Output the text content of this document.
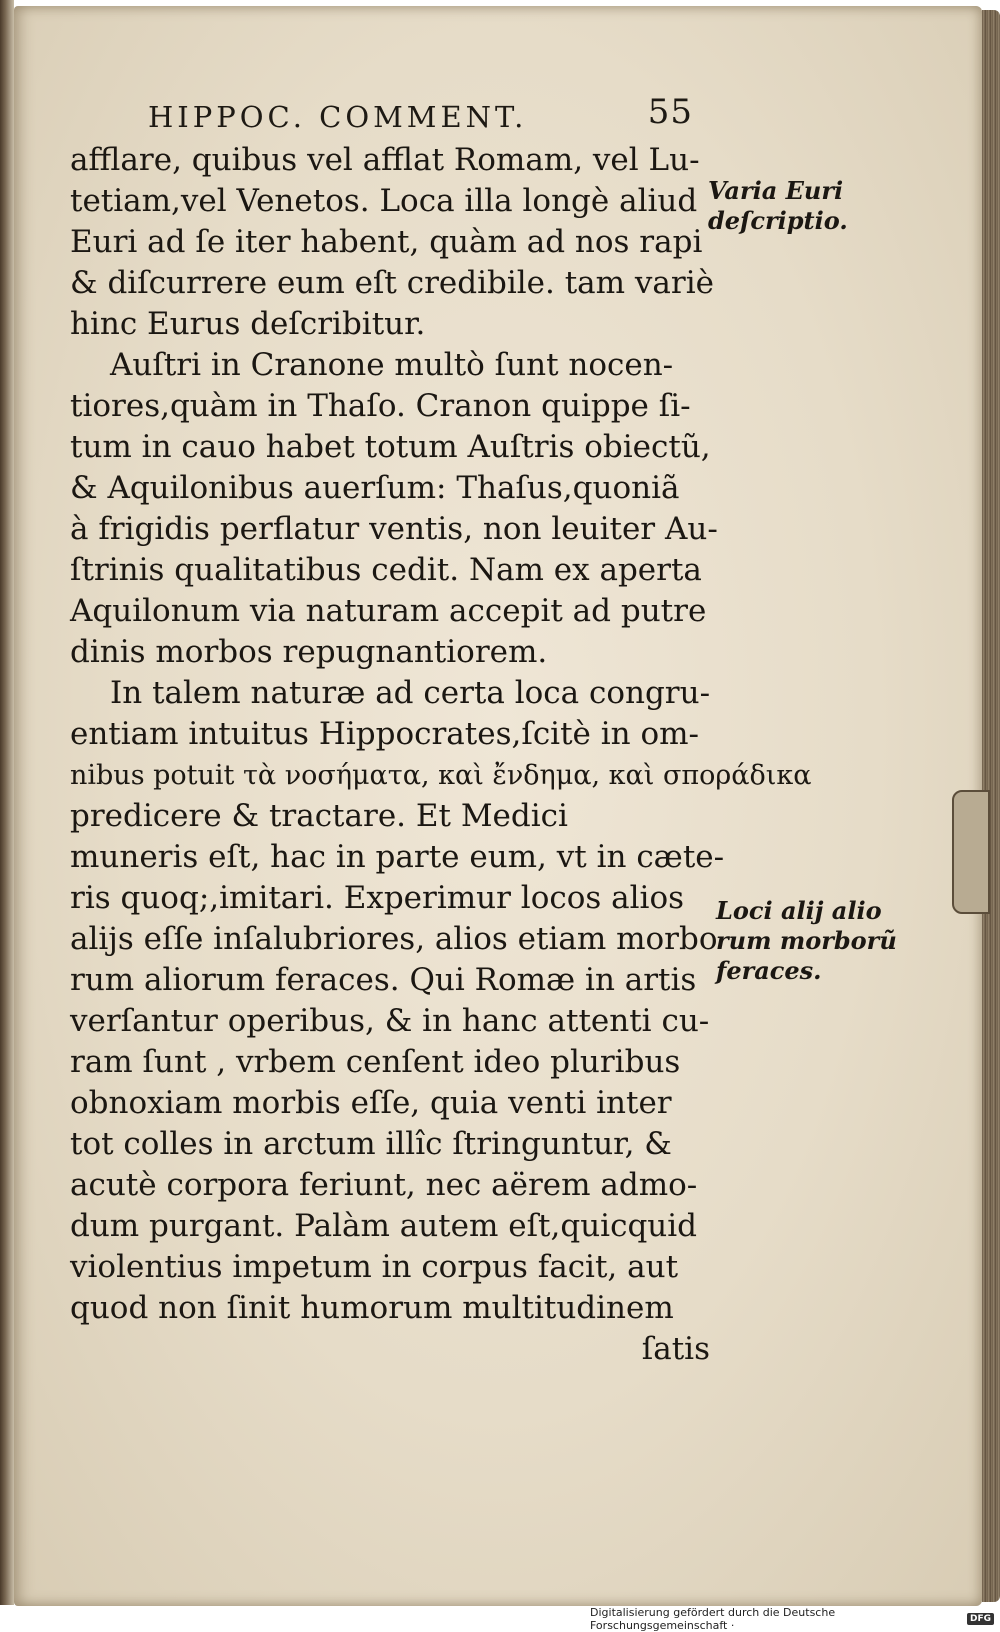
HIPPOC. COMMENT.	55
afflare, quibus vel afflat Romam, vel Lu-
tetiam,vel Venetos. Loca illa longè aliud
Euri ad ſe iter habent, quàm ad nos rapi
& diſcurrere eum eſt credibile. tam variè
hinc Eurus deſcribitur.
Auſtri in Cranone multò ſunt nocen-
tiores,quàm in Thaſo. Cranon quippe ſi-
tum in cauo habet totum Auſtris obiectũ,
& Aquilonibus auerſum: Thaſus,quoniã
à frigidis perflatur ventis, non leuiter Au-
ſtrinis qualitatibus cedit. Nam ex aperta
Aquilonum via naturam accepit ad putre
dinis morbos repugnantiorem.
In talem naturæ ad certa loca congru-
entiam intuitus Hippocrates,ſcitè in om-
nibus potuit τὰ νοσήματα, καὶ ἔνδημα, καὶ σποράδικα
predicere & tractare. Et Medici
muneris eſt, hac in parte eum, vt in cæte-
ris quoq;,imitari. Experimur locos alios
alijs eſſe inſalubriores, alios etiam morbo
rum aliorum feraces. Qui Romæ in artis
verſantur operibus, & in hanc attenti cu-
ram ſunt , vrbem cenſent ideo pluribus
obnoxiam morbis eſſe, quia venti inter
tot colles in arctum illîc ſtringuntur, &
acutè corpora feriunt, nec aërem admo-
dum purgant. Palàm autem eſt,quicquid
violentius impetum in corpus facit, aut
quod non ſinit humorum multitudinem
ſatis
Varia Euri
deſcriptio.
Loci alij alio
rum morborũ
feraces.
Digitalisierung gefördert durch die Deutsche Forschungsgemeinschaft ·	DFG
